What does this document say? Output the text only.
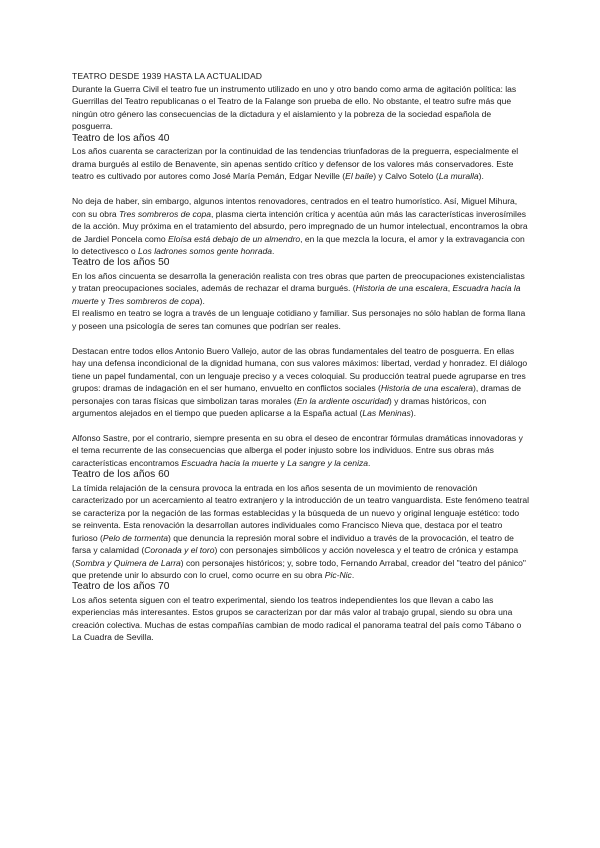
TEATRO DESDE 1939 HASTA LA ACTUALIDAD

Durante la Guerra Civil el teatro fue un instrumento utilizado en uno y otro bando como arma de agitación política: las Guerrillas del Teatro republicanas o el Teatro de la Falange son prueba de ello. No obstante, el teatro sufre más que ningún otro género las consecuencias de la dictadura y el aislamiento y la pobreza de la sociedad española de posguerra.

Teatro de los años 40

Los años cuarenta se caracterizan por la continuidad de las tendencias triunfadoras de la preguerra, especialmente el drama burgués al estilo de Benavente, sin apenas sentido crítico y defensor de los valores más conservadores. Este teatro es cultivado por autores como José María Pemán, Edgar Neville (El baile) y Calvo Sotelo (La muralla).

No deja de haber, sin embargo, algunos intentos renovadores, centrados en el teatro humorístico. Así, Miguel Mihura, con su obra Tres sombreros de copa, plasma cierta intención crítica y acentúa aún más las características inverosímiles de la acción. Muy próxima en el tratamiento del absurdo, pero impregnado de un humor intelectual, encontramos la obra de Jardiel Poncela como Eloísa está debajo de un almendro, en la que mezcla la locura, el amor y la extravagancia con lo detectivesco o Los ladrones somos gente honrada.

Teatro de los años 50

En los años cincuenta se desarrolla la generación realista con tres obras que parten de preocupaciones existencialistas y tratan preocupaciones sociales, además de rechazar el drama burgués. (Historia de una escalera, Escuadra hacia la muerte y Tres sombreros de copa).

El realismo en teatro se logra a través de un lenguaje cotidiano y familiar. Sus personajes no sólo hablan de forma llana y poseen una psicología de seres tan comunes que podrían ser reales.

Destacan entre todos ellos Antonio Buero Vallejo, autor de las obras fundamentales del teatro de posguerra. En ellas hay una defensa incondicional de la dignidad humana, con sus valores máximos: libertad, verdad y honradez. El diálogo tiene un papel fundamental, con un lenguaje preciso y a veces coloquial. Su producción teatral puede agruparse en tres grupos: dramas de indagación en el ser humano, envuelto en conflictos sociales (Historia de una escalera), dramas de personajes con taras físicas que simbolizan taras morales (En la ardiente oscuridad) y dramas históricos, con argumentos alejados en el tiempo que pueden aplicarse a la España actual (Las Meninas).

Alfonso Sastre, por el contrario, siempre presenta en su obra el deseo de encontrar fórmulas dramáticas innovadoras y el tema recurrente de las consecuencias que alberga el poder injusto sobre los individuos. Entre sus obras más características encontramos Escuadra hacia la muerte y La sangre y la ceniza.

Teatro de los años 60

La tímida relajación de la censura provoca la entrada en los años sesenta de un movimiento de renovación caracterizado por un acercamiento al teatro extranjero y la introducción de un teatro vanguardista. Este fenómeno teatral se caracteriza por la negación de las formas establecidas y la búsqueda de un nuevo y original lenguaje estético: todo se reinventa. Esta renovación la desarrollan autores individuales como Francisco Nieva que, destaca por el teatro furioso (Pelo de tormenta) que denuncia la represión moral sobre el individuo a través de la provocación, el teatro de farsa y calamidad (Coronada y el toro) con personajes simbólicos y acción novelesca y el teatro de crónica y estampa (Sombra y Quimera de Larra) con personajes históricos; y, sobre todo, Fernando Arrabal, creador del "teatro del pánico" que pretende unir lo absurdo con lo cruel, como ocurre en su obra Pic-Nic.

Teatro de los años 70

Los años setenta siguen con el teatro experimental, siendo los teatros independientes los que llevan a cabo las experiencias más interesantes. Estos grupos se caracterizan por dar más valor al trabajo grupal, siendo su obra una creación colectiva. Muchas de estas compañías cambian de modo radical el panorama teatral del país como Tábano o La Cuadra de Sevilla.
